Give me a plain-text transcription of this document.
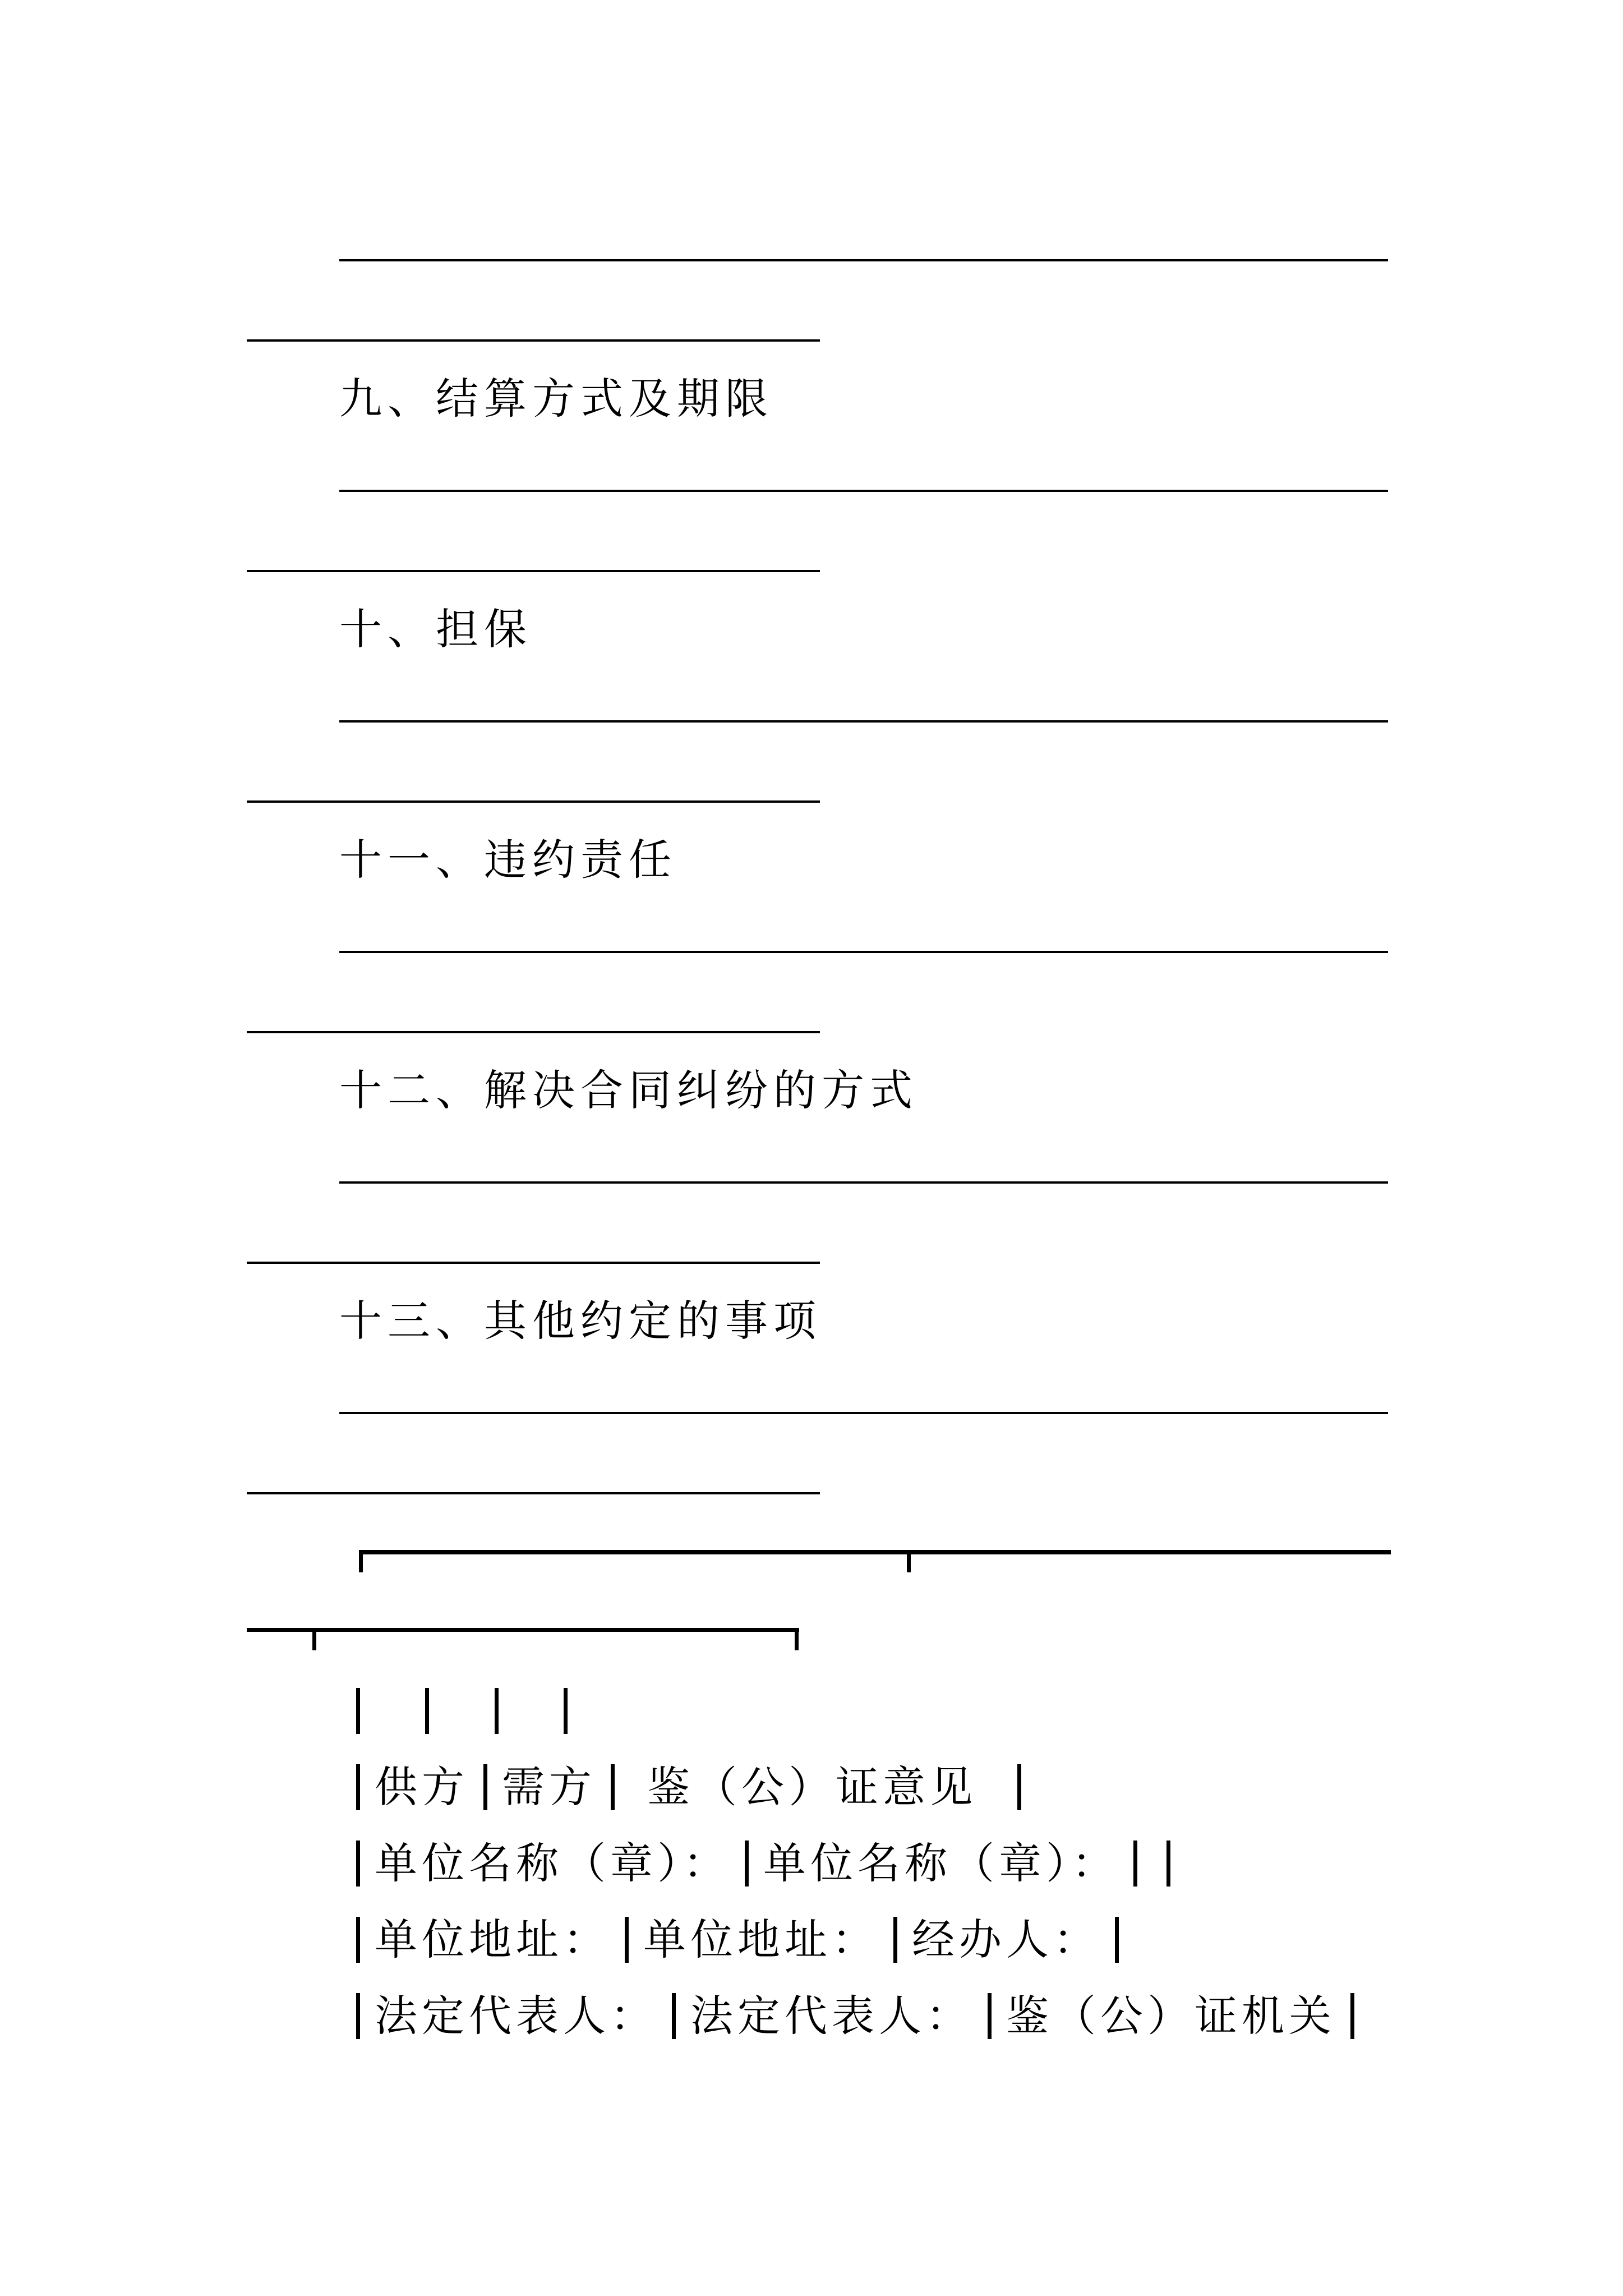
九、结算方式及期限
十、担保
十一、违约责任
十二、解决合同纠纷的方式
十三、其他约定的事项

供方 需方 鉴（公）证意见
单位名称（章）： 单位名称（章）：
单位地址： 单位地址： 经办人：
法定代表人： 法定代表人： 鉴（公）证机关
